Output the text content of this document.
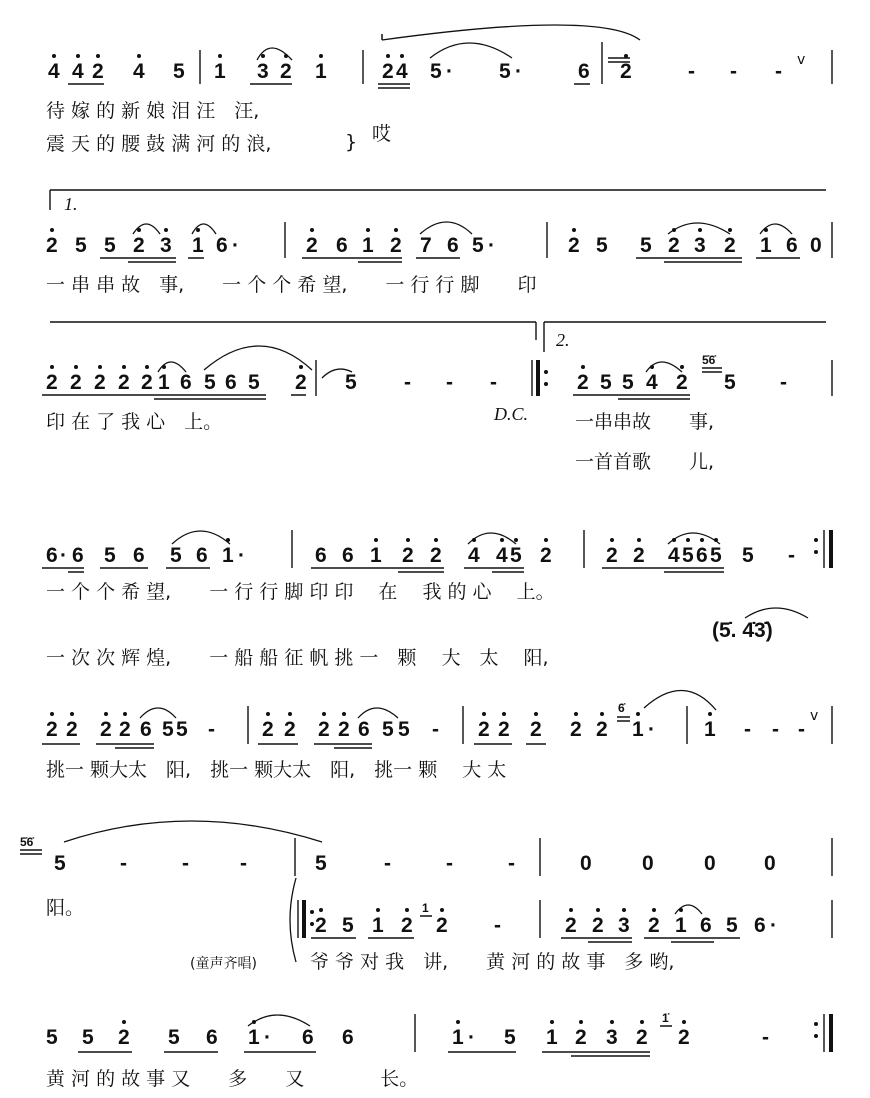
4 4 2 4 5 1 3 2 1	2 4 5 · 5 ·	6 2	- - - v
待 嫁 的 新 娘 泪 汪　汪,
震 天 的 腰 鼓 满 河 的 浪,	} 哎
1.
2 5 5 2 3 1 6 ·	2 6 1 2 7 6 5 ·	2 5 5 2 3 2 1 6 0
一 串 串 故　事,　　一 个 个 希 望,　　一 行 行 脚　　印
2.
2 2 2 2 2 1 6 5 6 5 2 5 - - -	2 5 5 4 2 5 -
5̇6̇
印 在 了 我 心　上。	D.C. 一串串故　　事,
一首首歌　　儿,
6 · 6 5 6 5 6 1 ·	6 6 1 2 2 4 4 5 2	2 2 4 5 6 5 5 -
一 个 个 希 望,　　一 行 行 脚 印 印　 在　 我 的 心　 上。
(5̇. 4̇3̇)
一 次 次 辉 煌,　　一 船 船 征 帆 挑 一　颗　 大　太　 阳,
2 2 2 2 6 5 5 - 2 2 2 2 6 5 5 - 2 2 2 2 2
6̇
1 · 1 - - -
v
挑一 颗大太　阳,　挑一 颗大太　阳,　挑一 颗　 大 太
5̇6̇
5	-	- -	5	-	-	-	0 0 0 0
阳。
2 5 1 2
1
2 -	2 2 3 2 1 6 5 6 ·
(童声齐唱)	爷 爷 对 我　讲,　　黄 河 的 故 事　多 哟,
5 5 2 5 6 1 · 6 6	1 · 5 1 2 3 2
1̇
2	-
黄 河 的 故 事 又　　多　　又　　　　长。
